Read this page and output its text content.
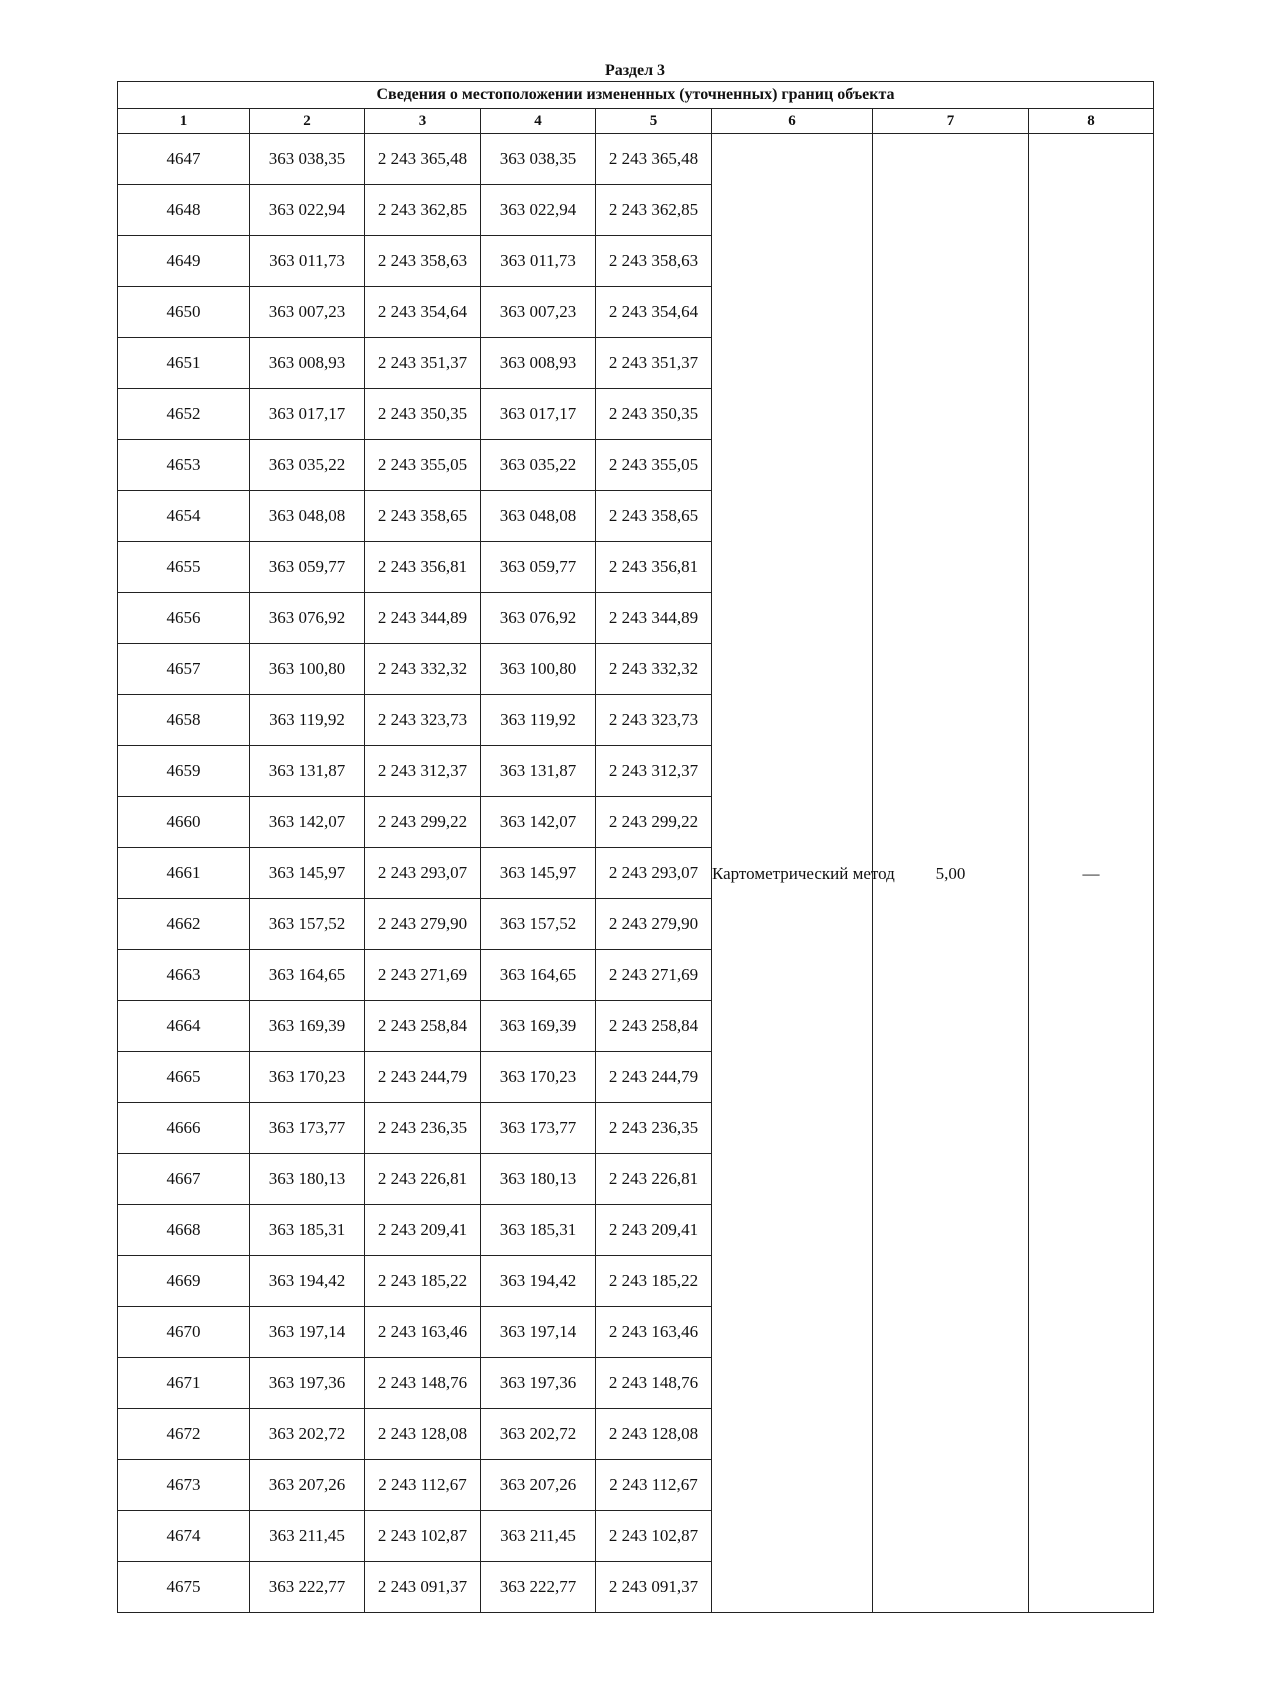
Раздел 3
Сведения о местоположении измененных (уточненных) границ объекта							
1	2	3	4	5	6	7	8
4647	363 038,35	2 243 365,48	363 038,35	2 243 365,48	Картометрический метод	5,00	—
4648	363 022,94	2 243 362,85	363 022,94	2 243 362,85			
4649	363 011,73	2 243 358,63	363 011,73	2 243 358,63			
4650	363 007,23	2 243 354,64	363 007,23	2 243 354,64			
4651	363 008,93	2 243 351,37	363 008,93	2 243 351,37			
4652	363 017,17	2 243 350,35	363 017,17	2 243 350,35			
4653	363 035,22	2 243 355,05	363 035,22	2 243 355,05			
4654	363 048,08	2 243 358,65	363 048,08	2 243 358,65			
4655	363 059,77	2 243 356,81	363 059,77	2 243 356,81			
4656	363 076,92	2 243 344,89	363 076,92	2 243 344,89			
4657	363 100,80	2 243 332,32	363 100,80	2 243 332,32			
4658	363 119,92	2 243 323,73	363 119,92	2 243 323,73			
4659	363 131,87	2 243 312,37	363 131,87	2 243 312,37			
4660	363 142,07	2 243 299,22	363 142,07	2 243 299,22			
4661	363 145,97	2 243 293,07	363 145,97	2 243 293,07			
4662	363 157,52	2 243 279,90	363 157,52	2 243 279,90			
4663	363 164,65	2 243 271,69	363 164,65	2 243 271,69			
4664	363 169,39	2 243 258,84	363 169,39	2 243 258,84			
4665	363 170,23	2 243 244,79	363 170,23	2 243 244,79			
4666	363 173,77	2 243 236,35	363 173,77	2 243 236,35			
4667	363 180,13	2 243 226,81	363 180,13	2 243 226,81			
4668	363 185,31	2 243 209,41	363 185,31	2 243 209,41			
4669	363 194,42	2 243 185,22	363 194,42	2 243 185,22			
4670	363 197,14	2 243 163,46	363 197,14	2 243 163,46			
4671	363 197,36	2 243 148,76	363 197,36	2 243 148,76			
4672	363 202,72	2 243 128,08	363 202,72	2 243 128,08			
4673	363 207,26	2 243 112,67	363 207,26	2 243 112,67			
4674	363 211,45	2 243 102,87	363 211,45	2 243 102,87			
4675	363 222,77	2 243 091,37	363 222,77	2 243 091,37			
